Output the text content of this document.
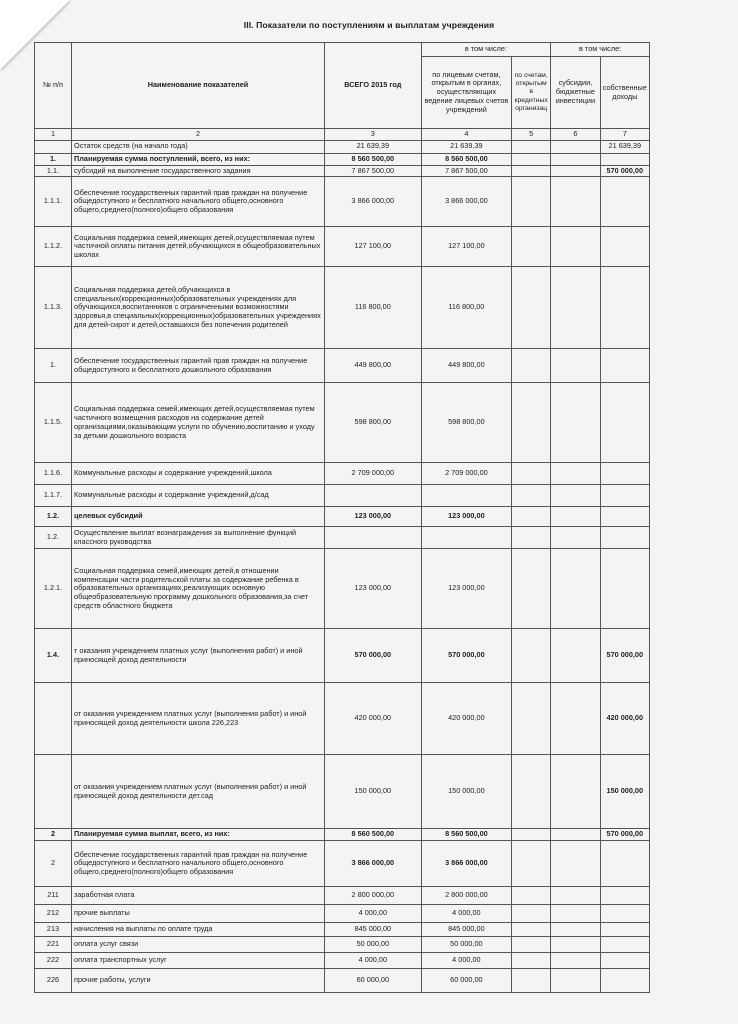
III. Показатели по поступлениям и выплатам учреждения
№ п/п	Наименование показателей	ВСЕГО 2015 год	в том числе:		в том числе:	
			по лицевым счетам, открытым в органах, осуществляющих ведение лицевых счетов учреждений	по счетам, открытым в кредитных организац	субсидии, бюджетные инвестиции	собственные доходы
1	2	3	4	5	6	7
	Остаток средств (на начало года)	21 639,39	21 639,39			21 639,39
1.	Планируемая сумма поступлений, всего, из них:	8 560 500,00	8 560 500,00			
1.1.	субсидий на выполнение государственного задания	7 867 500,00	7 867 500,00			570 000,00
1.1.1.	Обеспечение государственных гарантий прав граждан на получение общедоступного и бесплатного начального общего,основного общего,среднего(полного)общего образования	3 866 000,00	3 866 000,00			
1.1.2.	Социальная поддержка семей,имеющих детей,осуществляемая путем частичной оплаты питания детей,обучающихся в общеобразовательных школах	127 100,00	127 100,00			
1.1.3.	Социальная поддержка детей,обучающихся в специальных(коррекционных)образовательных учреждениях для обучающихся,воспитанников с ограниченными возможностями здоровья,в специальных(коррекционных)образовательных учреждениях для детей-сирот и детей,оставшихся без попечения родителей	116 800,00	116 800,00			
1.	Обеспечение государственных гарантий прав граждан на получение общедоступного и бесплатного дошкольного образования	449 800,00	449 800,00			
1.1.5.	Социальная поддержка семей,имеющих детей,осуществляемая путем частичного возмещения расходов на содержание детей организациями,оказывающим услуги по обучению,воспитанию и уходу за детьми дошкольного возраста	598 800,00	598 800,00			
1.1.6.	Коммунальные расходы и содержание учреждений,школа	2 709 000,00	2 709 000,00			
1.1.7.	Коммунальные расходы и содержание учреждений,д/сад					
1.2.	целевых субсидий	123 000,00	123 000,00			
1.2.	Осуществление выплат вознаграждения за выполнение функций классного руководства					
1.2.1.	Социальная поддержка семей,имеющих детей,в отношении компенсации части родительской платы за содержание ребенка в образовательных организациях,реализующих основную общеобразовательную программу дошкольного образования,за счет средств областного бюджета	123 000,00	123 000,00			
1.4.	т оказания учреждением платных услуг (выполнения работ) и иной приносящей доход деятельности	570 000,00	570 000,00			570 000,00
	от оказания учреждением платных услуг (выполнения работ) и иной приносящей доход деятельности школа 226,223	420 000,00	420 000,00			420 000,00
	от оказания учреждением платных услуг (выполнения работ) и иной приносящей доход деятельности дет.сад	150 000,00	150 000,00			150 000,00
2	Планируемая сумма выплат, всего, из них:	8 560 500,00	8 560 500,00			570 000,00
2	Обеспечение государственных гарантий прав граждан на получение общедоступного и бесплатного начального общего,основного общего,среднего(полного)общего образования	3 866 000,00	3 866 000,00			
211	заработная плата	2 800 000,00	2 800 000,00			
212	прочие выплаты	4 000,00	4 000,00			
213	начисления на выплаты по оплате труда	845 000,00	845 000,00			
221	оплата услуг связи	50 000,00	50 000,00			
222	оплата транспортных услуг	4 000,00	4 000,00			
226	прочие работы, услуги	60 000,00	60 000,00			
